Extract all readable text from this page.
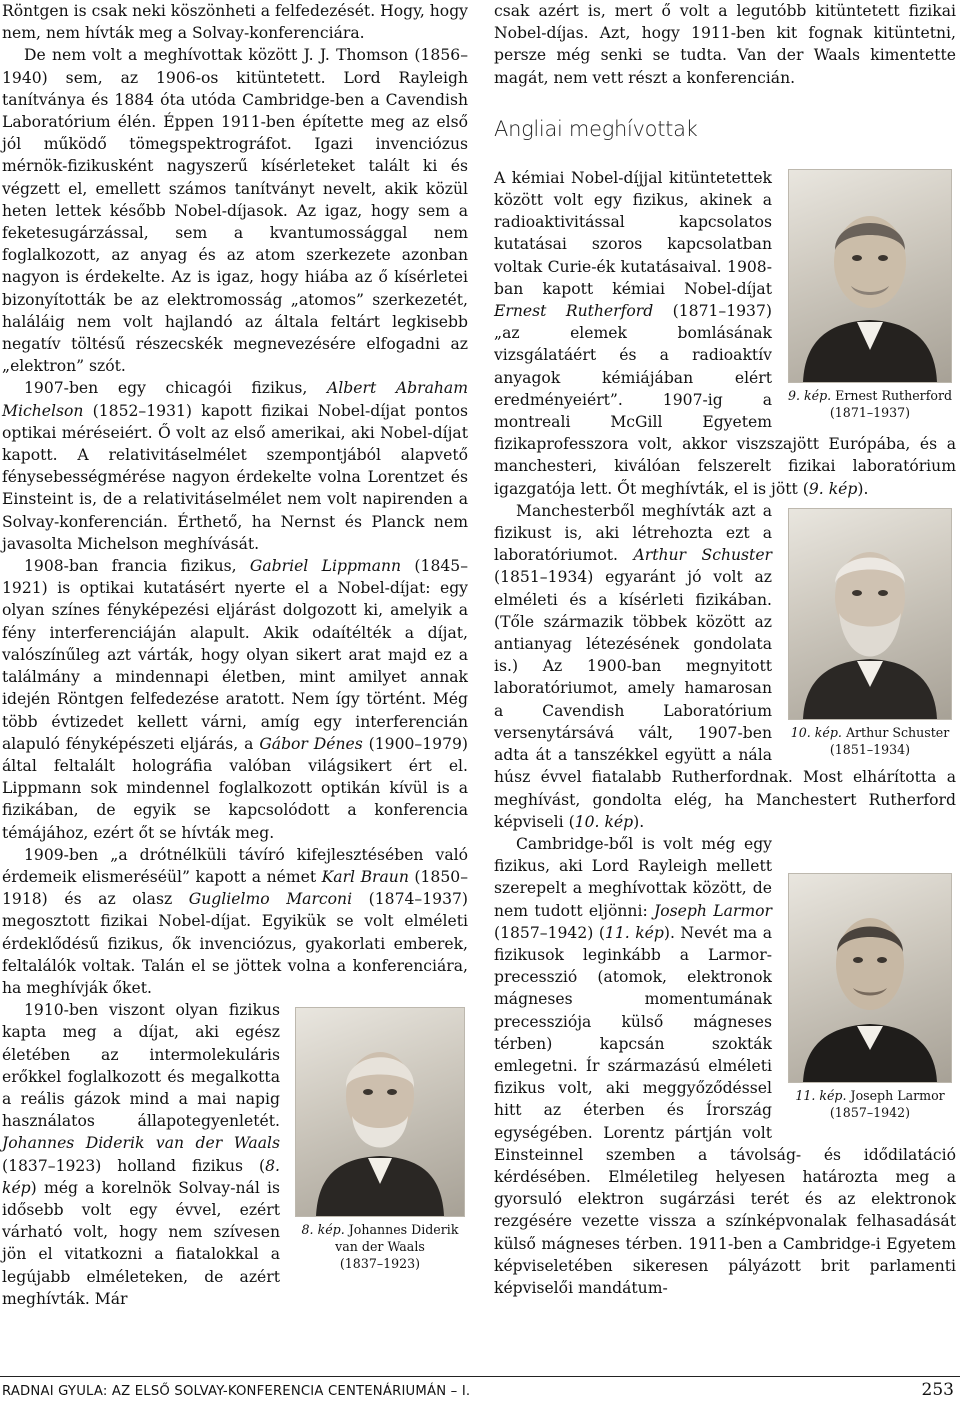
Röntgen is csak neki köszönheti a felfedezését. Hogy, hogy nem, nem hívták meg a Solvay-konferenciára.

De nem volt a meghívottak között J. J. Thomson (1856–1940) sem, az 1906-os kitüntetett. Lord Rayleigh tanítványa és 1884 óta utóda Cambridge-ben a Cavendish Laboratórium élén. Éppen 1911-ben építette meg az első jól működő tömegspektrográfot. Igazi invenciózus mérnök-fizikusként nagyszerű kísérleteket talált ki és végzett el, emellett számos tanítványt nevelt, akik közül heten lettek később Nobel-díjasok. Az igaz, hogy sem a feketesugárzással, sem a kvantumossággal nem foglalkozott, az anyag és az atom szerkezete azonban nagyon is érdekelte. Az is igaz, hogy hiába az ő kísérletei bizonyították be az elektromosság „atomos” szerkezetét, haláláig nem volt hajlandó az általa feltárt legkisebb negatív töltésű részecskék megnevezésére elfogadni az „elektron” szót.

1907-ben egy chicagói fizikus, Albert Abraham Michelson (1852–1931) kapott fizikai Nobel-díjat pontos optikai méréseiért. Ő volt az első amerikai, aki Nobel-díjat kapott. A relativitáselmélet szempontjából alapvető fénysebességmérése nagyon érdekelte volna Lorentzet és Einsteint is, de a relativitáselmélet nem volt napirenden a Solvay-konferencián. Érthető, ha Nernst és Planck nem javasolta Michelson meghívását.

1908-ban francia fizikus, Gabriel Lippmann (1845–1921) is optikai kutatásért nyerte el a Nobel-díjat: egy olyan színes fényképezési eljárást dolgozott ki, amelyik a fény interferenciáján alapult. Akik odaítélték a díjat, valószínűleg azt várták, hogy olyan sikert arat majd ez a találmány a mindennapi életben, mint amilyet annak idején Röntgen felfedezése aratott. Nem így történt. Még több évtizedet kellett várni, amíg egy interferencián alapuló fényképészeti eljárás, a Gábor Dénes (1900–1979) által feltalált holográfia valóban világsikert ért el. Lippmann sok mindennel foglalkozott optikán kívül is a fizikában, de egyik se kapcsolódott a konferencia témájához, ezért őt se hívták meg.

1909-ben „a drótnélküli távíró kifejlesztésében való érdemeik elismeréséül” kapott a német Karl Braun (1850–1918) és az olasz Guglielmo Marconi (1874–1937) megosztott fizikai Nobel-díjat. Egyikük se volt elméleti érdeklődésű fizikus, ők invenciózus, gyakorlati emberek, feltalálók voltak. Talán el se jöttek volna a konferenciára, ha meghívják őket.

8. kép. Johannes Diderik van der Waals
(1837–1923)

1910-ben viszont olyan fizikus kapta meg a díjat, aki egész életében az intermolekuláris erőkkel foglalkozott és megalkotta a reális gázok mind a mai napig használatos állapotegyenletét. Johannes Diderik van der Waals (1837–1923) holland fizikus (8. kép) még a korelnök Solvay-nál is idősebb volt egy évvel, ezért várható volt, hogy nem szívesen jön el vitatkozni a fiatalokkal a legújabb elméleteken, de azért meghívták. Már

csak azért is, mert ő volt a legutóbb kitüntetett fizikai Nobel-díjas. Azt, hogy 1911-ben kit fognak kitüntetni, persze még senki se tudta. Van der Waals kimentette magát, nem vett részt a konferencián.

Angliai meghívottak
9. kép. Ernest Rutherford
(1871–1937)

A kémiai Nobel-díjjal kitüntetettek között volt egy fizikus, akinek a radioaktivitással kapcsolatos kutatásai szoros kapcsolatban voltak Curie-ék kutatásaival. 1908-ban kapott kémiai Nobel-díjat Ernest Rutherford (1871–1937) „az elemek bomlásának vizsgálatáért és a radioaktív anyagok kémiájában elért eredményeiért”. 1907-ig a montreali McGill Egyetem fizikaprofesszora volt, akkor viszszajött Európába, és a manchesteri, kiválóan felszerelt fizikai laboratórium igazgatója lett. Őt meghívták, el is jött (9. kép).

10. kép. Arthur Schuster
(1851–1934)

Manchesterből meghívták azt a fizikust is, aki létrehozta ezt a laboratóriumot. Arthur Schuster (1851–1934) egyaránt jó volt az elméleti és a kísérleti fizikában. (Tőle származik többek között az antianyag létezésének gondolata is.) Az 1900-ban megnyitott laboratóriumot, amely hamarosan a Cavendish Laboratórium versenytársává vált, 1907-ben adta át a tanszékkel együtt a nála húsz évvel fiatalabb Rutherfordnak. Most elhárította a meghívást, gondolta elég, ha Manchestert Rutherford képviseli (10. kép).

11. kép. Joseph Larmor
(1857–1942)

Cambridge-ből is volt még egy fizikus, aki Lord Rayleigh mellett szerepelt a meghívottak között, de nem tudott eljönni: Joseph Larmor (1857–1942) (11. kép). Nevét ma a fizikusok leginkább a Larmor-precesszió (atomok, elektronok mágneses momentumának precessziója külső mágneses térben) kapcsán szokták emlegetni. Ír származású elméleti fizikus volt, aki meggyőződéssel hitt az éterben és Írország egységében. Lorentz pártján volt Einsteinnel szemben a távolság- és idődilatáció kérdésében. Elméletileg helyesen határozta meg a gyorsuló elektron sugárzási terét és az elektronok rezgésére vezette vissza a színképvonalak felhasadását külső mágneses térben. 1911-ben a Cambridge-i Egyetem képviseletében sikeresen pályázott brit parlamenti képviselői mandátum-

RADNAI GYULA: AZ ELSŐ SOLVAY-KONFERENCIA CENTENÁRIUMÁN – I.	253
